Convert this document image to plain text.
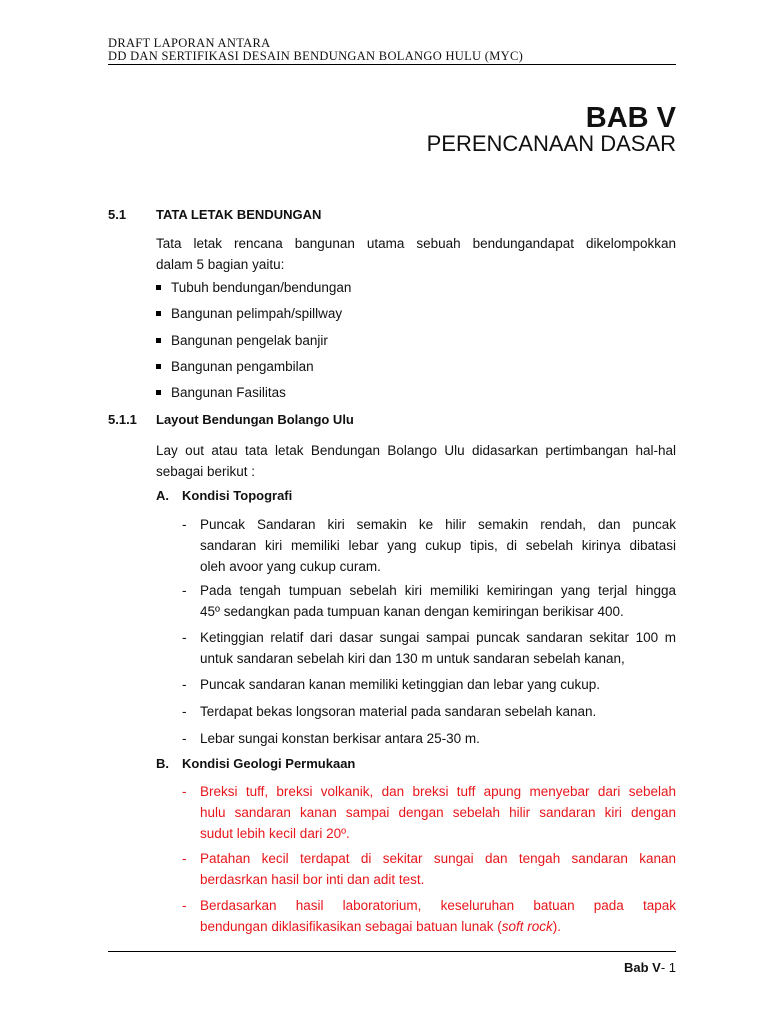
DRAFT LAPORAN ANTARA
DD DAN SERTIFIKASI DESAIN BENDUNGAN BOLANGO HULU (MYC)
BAB V
PERENCANAAN DASAR
5.1 TATA LETAK BENDUNGAN
Tata letak rencana bangunan utama sebuah bendungandapat dikelompokkan
dalam 5 bagian yaitu:
Tubuh bendungan/bendungan
Bangunan pelimpah/spillway
Bangunan pengelak banjir
Bangunan pengambilan
Bangunan Fasilitas
5.1.1 Layout Bendungan Bolango Ulu
Lay out atau tata letak Bendungan Bolango Ulu didasarkan pertimbangan hal-hal
sebagai berikut :
A. Kondisi Topografi
-	Puncak Sandaran kiri semakin ke hilir semakin rendah, dan puncak
sandaran kiri memiliki lebar yang cukup tipis, di sebelah kirinya dibatasi
oleh avoor yang cukup curam.
-	Pada tengah tumpuan sebelah kiri memiliki kemiringan yang terjal hingga
45º sedangkan pada tumpuan kanan dengan kemiringan berikisar 400.
-	Ketinggian relatif dari dasar sungai sampai puncak sandaran sekitar 100 m
untuk sandaran sebelah kiri dan 130 m untuk sandaran sebelah kanan,
-	Puncak sandaran kanan memiliki ketinggian dan lebar yang cukup.
-	Terdapat bekas longsoran material pada sandaran sebelah kanan.
-	Lebar sungai konstan berkisar antara 25-30 m.
B. Kondisi Geologi Permukaan
-	Breksi tuff, breksi volkanik, dan breksi tuff apung menyebar dari sebelah
hulu sandaran kanan sampai dengan sebelah hilir sandaran kiri dengan
sudut lebih kecil dari 20º.
-	Patahan kecil terdapat di sekitar sungai dan tengah sandaran kanan
berdasrkan hasil bor inti dan adit test.
-	Berdasarkan hasil laboratorium, keseluruhan batuan pada tapak
bendungan diklasifikasikan sebagai batuan lunak (soft rock).
Bab V- 1
